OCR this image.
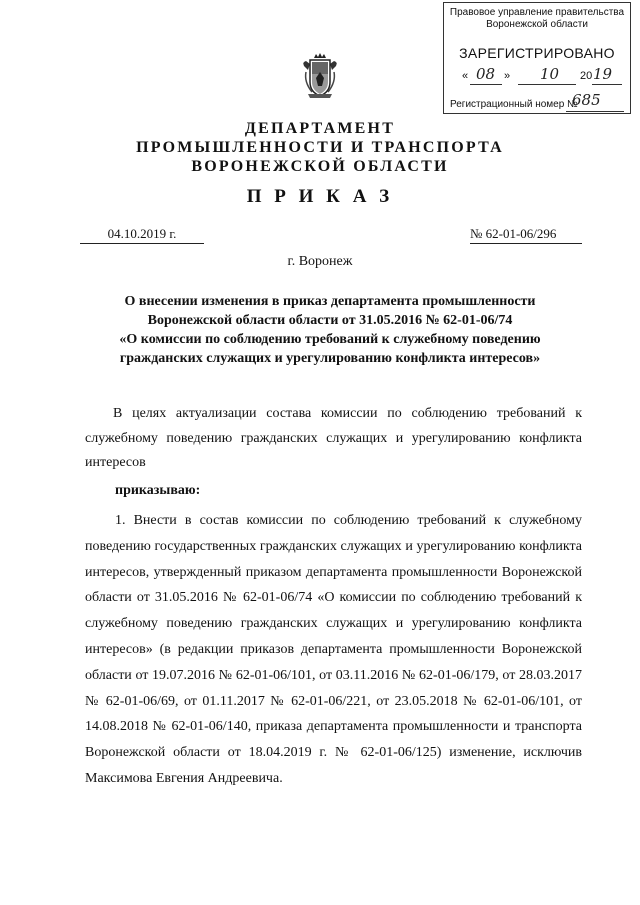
Правовое управление правительства
Воронежской области
ЗАРЕГИСТРИРОВАНО
« 08 » 10 20 19
Регистрационный номер №
685
ДЕПАРТАМЕНТ
ПРОМЫШЛЕННОСТИ И ТРАНСПОРТА
ВОРОНЕЖСКОЙ ОБЛАСТИ
П Р И К А З
04.10.2019 г.	№ 62-01-06/296
г. Воронеж
О внесении изменения в приказ департамента промышленности
Воронежской области области от 31.05.2016 № 62-01-06/74
«О комиссии по соблюдению требований к служебному поведению
гражданских служащих и урегулированию конфликта интересов»
В целях актуализации состава комиссии по соблюдению требований к служебному поведению гражданских служащих и урегулированию конфликта интересов
приказываю:
1. Внести в состав комиссии по соблюдению требований к служебному поведению государственных гражданских служащих и урегулированию конфликта интересов, утвержденный приказом департамента промышленности Воронежской области от 31.05.2016 № 62-01-06/74 «О комиссии по соблюдению требований к служебному поведению гражданских служащих и урегулированию конфликта интересов» (в редакции приказов департамента промышленности Воронежской области от 19.07.2016 № 62-01-06/101, от 03.11.2016 № 62-01-06/179, от 28.03.2017 № 62-01-06/69, от 01.11.2017 № 62-01-06/221, от 23.05.2018 № 62-01-06/101, от 14.08.2018 № 62-01-06/140, приказа департамента промышленности и транспорта Воронежской области от 18.04.2019 г. № 62-01-06/125) изменение, исключив Максимова Евгения Андреевича.
